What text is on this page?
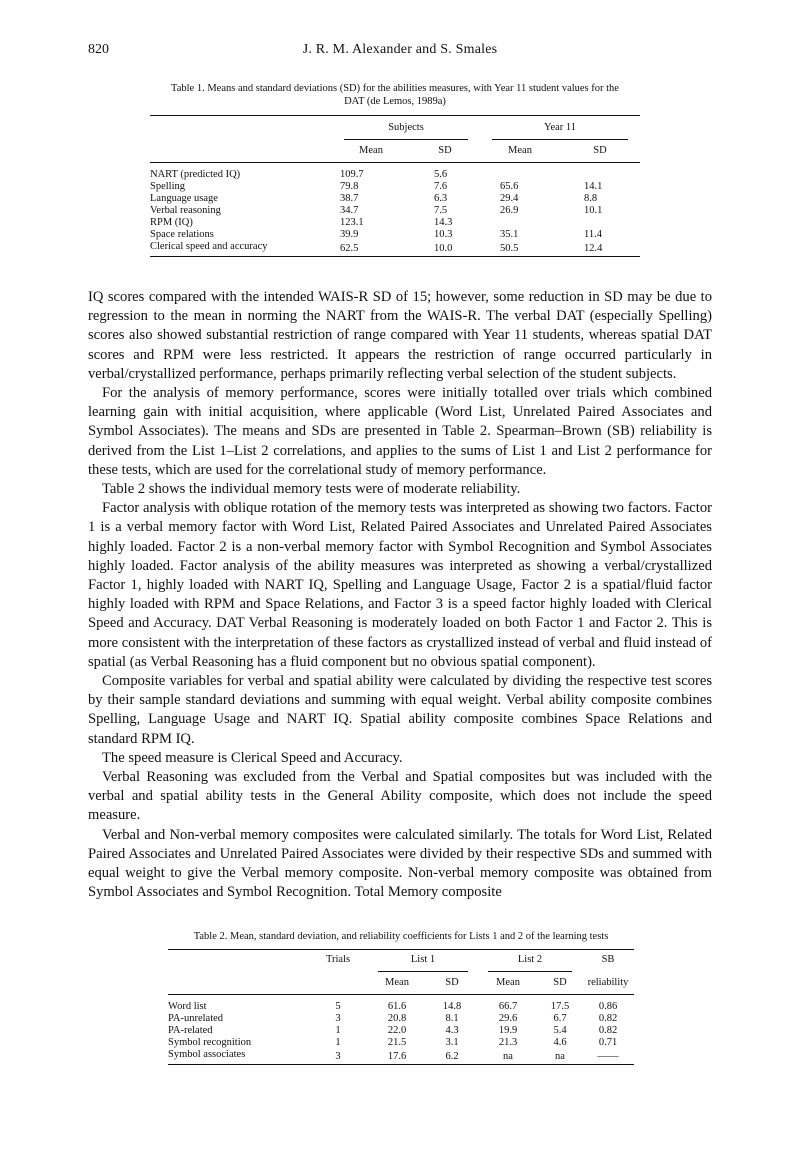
820	J. R. M. Alexander and S. Smales
Table 1. Means and standard deviations (SD) for the abilities measures, with Year 11 student values for the
DAT (de Lemos, 1989a)

	Subjects		Year 11	

	Mean	SD	Mean	SD

NART (predicted IQ)	109.7	5.6		
Spelling	79.8	7.6	65.6	14.1
Language usage	38.7	6.3	29.4	8.8
Verbal reasoning	34.7	7.5	26.9	10.1
RPM (IQ)	123.1	14.3		
Space relations	39.9	10.3	35.1	11.4
Clerical speed and accuracy	62.5	10.0	50.5	12.4

IQ scores compared with the intended WAIS-R SD of 15; however, some reduction in SD may be due to regression to the mean in norming the NART from the WAIS-R. The verbal DAT (especially Spelling) scores also showed substantial restriction of range compared with Year 11 students, whereas spatial DAT scores and RPM were less restricted. It appears the restriction of range occurred particularly in verbal/crystallized performance, perhaps primarily reflecting verbal selection of the student subjects.

For the analysis of memory performance, scores were initially totalled over trials which combined learning gain with initial acquisition, where applicable (Word List, Unrelated Paired Associates and Symbol Associates). The means and SDs are presented in Table 2. Spearman–Brown (SB) reliability is derived from the List 1–List 2 correlations, and applies to the sums of List 1 and List 2 performance for these tests, which are used for the correlational study of memory performance.

Table 2 shows the individual memory tests were of moderate reliability.

Factor analysis with oblique rotation of the memory tests was interpreted as showing two factors. Factor 1 is a verbal memory factor with Word List, Related Paired Associates and Unrelated Paired Associates highly loaded. Factor 2 is a non-verbal memory factor with Symbol Recognition and Symbol Associates highly loaded. Factor analysis of the ability measures was interpreted as showing a verbal/crystallized Factor 1, highly loaded with NART IQ, Spelling and Language Usage, Factor 2 is a spatial/fluid factor highly loaded with RPM and Space Relations, and Factor 3 is a speed factor highly loaded with Clerical Speed and Accuracy. DAT Verbal Reasoning is moderately loaded on both Factor 1 and Factor 2. This is more consistent with the interpretation of these factors as crystallized instead of verbal and fluid instead of spatial (as Verbal Reasoning has a fluid component but no obvious spatial component).

Composite variables for verbal and spatial ability were calculated by dividing the respective test scores by their sample standard deviations and summing with equal weight. Verbal ability composite combines Spelling, Language Usage and NART IQ. Spatial ability composite combines Space Relations and standard RPM IQ.

The speed measure is Clerical Speed and Accuracy.

Verbal Reasoning was excluded from the Verbal and Spatial composites but was included with the verbal and spatial ability tests in the General Ability composite, which does not include the speed measure.

Verbal and Non-verbal memory composites were calculated similarly. The totals for Word List, Related Paired Associates and Unrelated Paired Associates were divided by their respective SDs and summed with equal weight to give the Verbal memory composite. Non-verbal memory composite was obtained from Symbol Associates and Symbol Recognition. Total Memory composite

Table 2. Mean, standard deviation, and reliability coefficients for Lists 1 and 2 of the learning tests

	Trials	List 1		List 2		SB
		Mean	SD	Mean	SD	reliability

Word list	5	61.6	14.8	66.7	17.5	0.86
PA-unrelated	3	20.8	8.1	29.6	6.7	0.82
PA-related	1	22.0	4.3	19.9	5.4	0.82
Symbol recognition	1	21.5	3.1	21.3	4.6	0.71
Symbol associates	3	17.6	6.2	na	na	——
